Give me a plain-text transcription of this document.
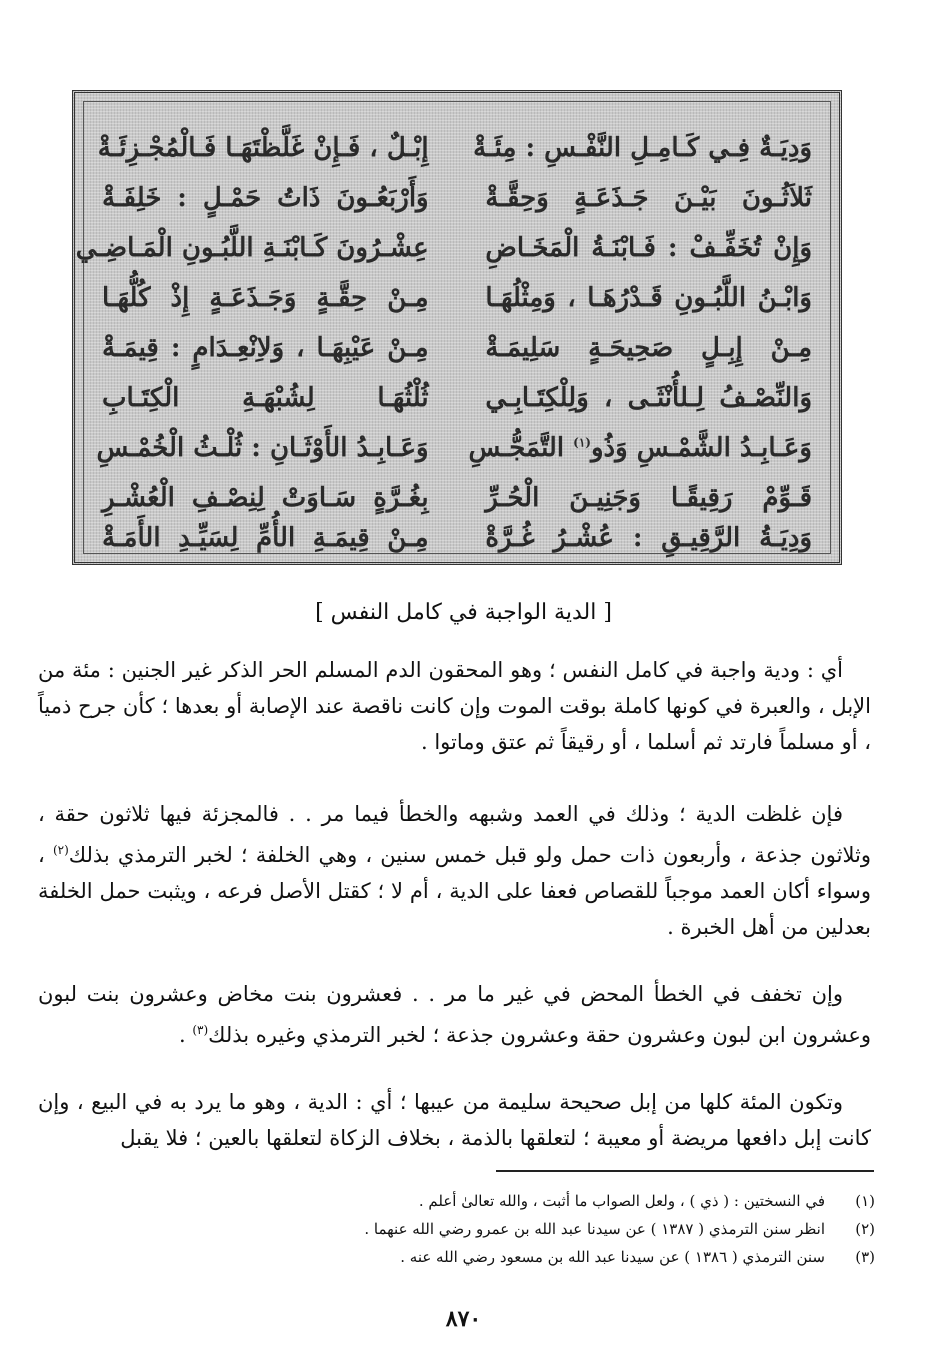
وَدِيَـةٌ فِـي كَـامِـلِ النَّفْـسِ : مِئَـةْ
إِبْـلٌ ، فَـإِنْ غَلَّظْتَهَـا فَـالْمُجْـزِئَـةْ
ثَلاَثُـونَ بَيْـنَ جَـذَعَـةٍ وَحِقَّـةْ
وَأَرْبَعُـونَ ذَاتُ حَمْـلٍ : خَلِفَـةْ
وَإِنْ تُخَفِّـفْ : فَـابْنَـةُ الْمَخَـاضِ
عِشْـرُونَ كَـابْنَـةِ اللَّبُـونِ الْمَـاضِـي
وَابْـنُ اللَّبُـونِ قَـدْرُهَـا ، وَمِثْلُهَـا
مِـنْ حِقَّـةٍ وَجَـذَعَـةٍ إِذْ كُلُّهَـا
مِـنْ إِبِـلٍ صَحِيحَـةٍ سَلِيمَـةْ
مِـنْ عَيْبِهَـا ، وَلاِنْعِـدَامٍ : قِيمَـةْ
وَالنِّصْـفُ لِـلأُنْثَـى ، وَلِلْكِتَـابِـي
ثُلْثُهَـا لِشُبْهَـةِ الْكِتَـابِ
وَعَـابِـدُ الشَّمْـسِ وَذُو$^{(١)}$ التَّمَجُّـسِ
وَعَـابِـدُ الأَوْثَـانِ : ثُلْـثُ الْخُمْـسِ
قَـوِّمْ رَقِيقًـا وَجَنِيـنَ الْحُـرِّ
بِغُـرَّةٍ سَـاوَتْ لِنِصْـفِ الْعُشْـرِ
وَدِيَـةُ الرَّقِيـقِ : عُشْـرُ غُـرَّةْ
مِـنْ قِيمَـةِ الأُمِّ لِسَيِّـدِ الأَمَـةْ
[ الدية الواجبة في كامل النفس ]

أي : ودية واجبة في كامل النفس ؛ وهو المحقون الدم المسلم الحر الذكر غير الجنين : مئة من الإبل ، والعبرة في كونها كاملة بوقت الموت وإن كانت ناقصة عند الإصابة أو بعدها ؛ كأن جرح ذمياً ، أو مسلماً فارتد ثم أسلما ، أو رقيقاً ثم عتق وماتوا .

فإن غلظت الدية ؛ وذلك في العمد وشبهه والخطأ فيما مر . . فالمجزئة فيها ثلاثون حقة ، وثلاثون جذعة ، وأربعون ذات حمل ولو قبل خمس سنين ، وهي الخلفة ؛ لخبر الترمذي بذلك$^{(٢)}$ ، وسواء أكان العمد موجباً للقصاص فعفا على الدية ، أم لا ؛ كقتل الأصل فرعه ، ويثبت حمل الخلفة بعدلين من أهل الخبرة .

وإن تخفف في الخطأ المحض في غير ما مر . . فعشرون بنت مخاض وعشرون بنت لبون وعشرون ابن لبون وعشرون حقة وعشرون جذعة ؛ لخبر الترمذي وغيره بذلك$^{(٣)}$ .

وتكون المئة كلها من إبل صحيحة سليمة من عيبها ؛ أي : الدية ، وهو ما يرد به في البيع ، وإن كانت إبل دافعها مريضة أو معيبة ؛ لتعلقها بالذمة ، بخلاف الزكاة لتعلقها بالعين ؛ فلا يقبل

(١)
في النسختين : ( ذي ) ، ولعل الصواب ما أثبت ، والله تعالىٰ أعلم .
(٢)
انظر سنن الترمذي ( ١٣٨٧ ) عن سيدنا عبد الله بن عمرو رضي الله عنهما .
(٣)
سنن الترمذي ( ١٣٨٦ ) عن سيدنا عبد الله بن مسعود رضي الله عنه .
٨٧٠
